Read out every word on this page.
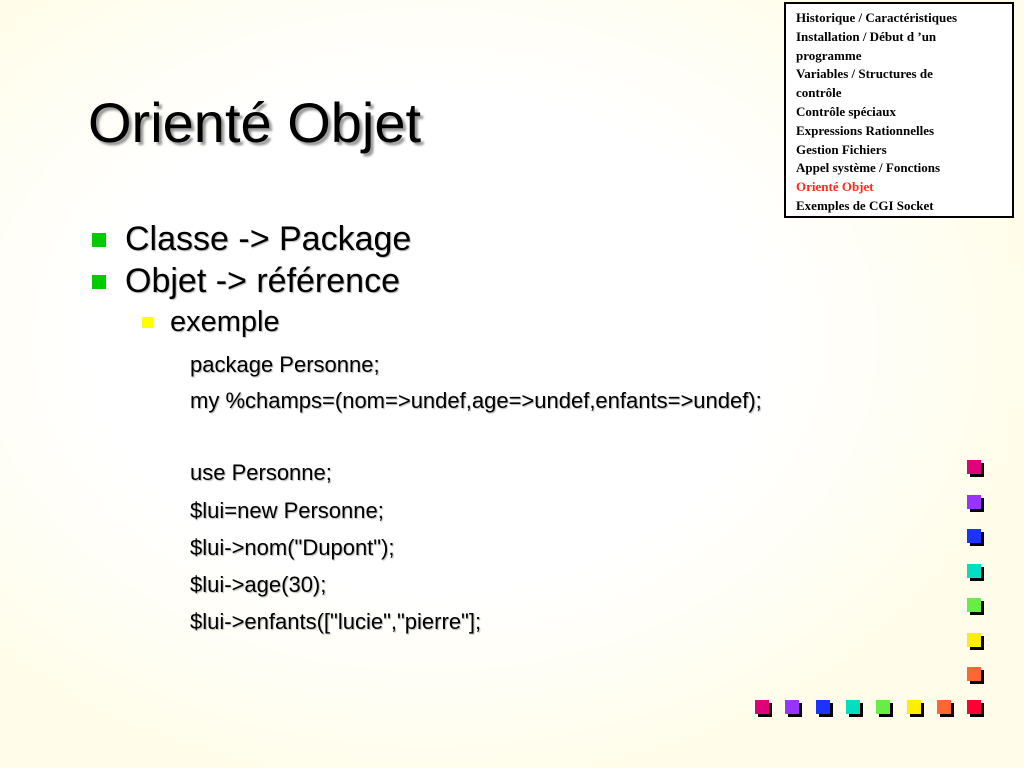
Orienté Objet
Historique / Caractéristiques
Installation / Début d ’un
programme
Variables / Structures de
contrôle
Contrôle spéciaux
Expressions Rationnelles
Gestion Fichiers
Appel système / Fonctions
Orienté Objet
Exemples de CGI Socket
Classe -> Package
Objet -> référence
exemple
package Personne;
my %champs=(nom=>undef,age=>undef,enfants=>undef);
use Personne;
$lui=new Personne;
$lui->nom("Dupont");
$lui->age(30);
$lui->enfants(["lucie","pierre"];
